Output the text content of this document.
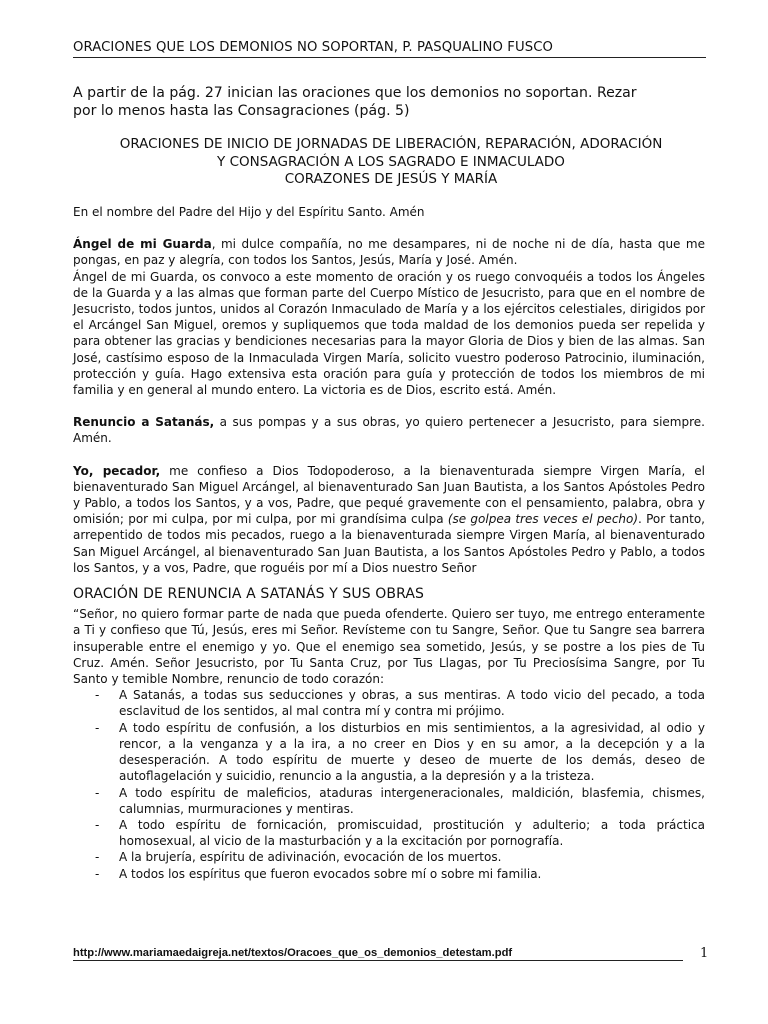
ORACIONES QUE LOS DEMONIOS NO SOPORTAN, P. PASQUALINO FUSCO
A partir de la pág. 27 inician las oraciones que los demonios no soportan. Rezar
por lo menos hasta las Consagraciones (pág. 5)
ORACIONES DE INICIO DE JORNADAS DE LIBERACIÓN, REPARACIÓN, ADORACIÓN
Y CONSAGRACIÓN A LOS SAGRADO E INMACULADO
CORAZONES DE JESÚS Y MARÍA

En el nombre del Padre del Hijo y del Espíritu Santo. Amén

Ángel de mi Guarda, mi dulce compañía, no me desampares, ni de noche ni de día, hasta que me pongas, en paz y alegría, con todos los Santos, Jesús, María y José. Amén.

Ángel de mi Guarda, os convoco a este momento de oración y os ruego convoquéis a todos los Ángeles de la Guarda y a las almas que forman parte del Cuerpo Místico de Jesucristo, para que en el nombre de Jesucristo, todos juntos, unidos al Corazón Inmaculado de María y a los ejércitos celestiales, dirigidos por el Arcángel San Miguel, oremos y supliquemos que toda maldad de los demonios pueda ser repelida y para obtener las gracias y bendiciones necesarias para la mayor Gloria de Dios y bien de las almas. San José, castísimo esposo de la Inmaculada Virgen María, solicito vuestro poderoso Patrocinio, iluminación, protección y guía. Hago extensiva esta oración para guía y protección de todos los miembros de mi familia y en general al mundo entero. La victoria es de Dios, escrito está. Amén.

Renuncio a Satanás, a sus pompas y a sus obras, yo quiero pertenecer a Jesucristo, para siempre. Amén.

Yo, pecador, me confieso a Dios Todopoderoso, a la bienaventurada siempre Virgen María, el bienaventurado San Miguel Arcángel, al bienaventurado San Juan Bautista, a los Santos Apóstoles Pedro y Pablo, a todos los Santos, y a vos, Padre, que pequé gravemente con el pensamiento, palabra, obra y omisión; por mi culpa, por mi culpa, por mi grandísima culpa (se golpea tres veces el pecho). Por tanto, arrepentido de todos mis pecados, ruego a la bienaventurada siempre Virgen María, al bienaventurado San Miguel Arcángel, al bienaventurado San Juan Bautista, a los Santos Apóstoles Pedro y Pablo, a todos los Santos, y a vos, Padre, que roguéis por mí a Dios nuestro Señor

ORACIÓN DE RENUNCIA A SATANÁS Y SUS OBRAS

“Señor, no quiero formar parte de nada que pueda ofenderte. Quiero ser tuyo, me entrego enteramente a Ti y confieso que Tú, Jesús, eres mi Señor. Revísteme con tu Sangre, Señor. Que tu Sangre sea barrera insuperable entre el enemigo y yo. Que el enemigo sea sometido, Jesús, y se postre a los pies de Tu Cruz. Amén. Señor Jesucristo, por Tu Santa Cruz, por Tus Llagas, por Tu Preciosísima Sangre, por Tu Santo y temible Nombre, renuncio de todo corazón:

- A Satanás, a todas sus seducciones y obras, a sus mentiras. A todo vicio del pecado, a toda esclavitud de los sentidos, al mal contra mí y contra mi prójimo.
- A todo espíritu de confusión, a los disturbios en mis sentimientos, a la agresividad, al odio y rencor, a la venganza y a la ira, a no creer en Dios y en su amor, a la decepción y a la desesperación. A todo espíritu de muerte y deseo de muerte de los demás, deseo de autoflagelación y suicidio, renuncio a la angustia, a la depresión y a la tristeza.
- A todo espíritu de maleficios, ataduras intergeneracionales, maldición, blasfemia, chismes, calumnias, murmuraciones y mentiras.
- A todo espíritu de fornicación, promiscuidad, prostitución y adulterio; a toda práctica homosexual, al vicio de la masturbación y a la excitación por pornografía.
- A la brujería, espíritu de adivinación, evocación de los muertos.
- A todos los espíritus que fueron evocados sobre mí o sobre mi familia.
http://www.mariamaedaigreja.net/textos/Oracoes_que_os_demonios_detestam.pdf	1
